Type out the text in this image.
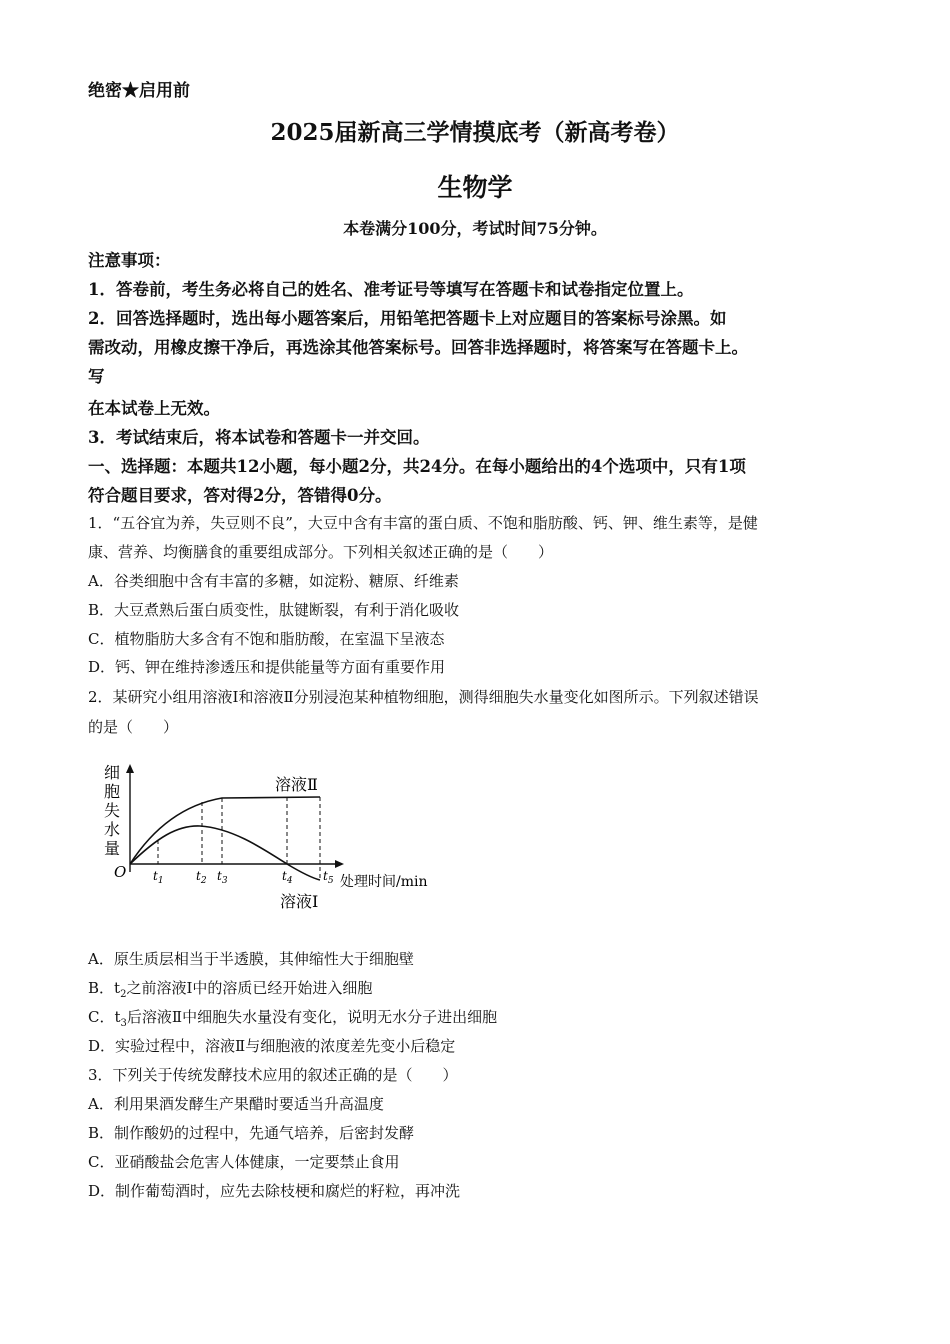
绝密★启用前
2025届新高三学情摸底考（新高考卷）
生物学
本卷满分100分，考试时间75分钟。
注意事项：
1．答卷前，考生务必将自己的姓名、准考证号等填写在答题卡和试卷指定位置上。
2．回答选择题时，选出每小题答案后，用铅笔把答题卡上对应题目的答案标号涂黑。如
需改动，用橡皮擦干净后，再选涂其他答案标号。回答非选择题时，将答案写在答题卡上。
写
在本试卷上无效。
3．考试结束后，将本试卷和答题卡一并交回。
一、选择题：本题共12小题，每小题2分，共24分。在每小题给出的4个选项中，只有1项
符合题目要求，答对得2分，答错得0分。
1．“五谷宜为养，失豆则不良”，大豆中含有丰富的蛋白质、不饱和脂肪酸、钙、钾、维生素等，是健
康、营养、均衡膳食的重要组成部分。下列相关叙述正确的是（　　）
A．谷类细胞中含有丰富的多糖，如淀粉、糖原、纤维素
B．大豆煮熟后蛋白质变性，肽键断裂，有利于消化吸收
C．植物脂肪大多含有不饱和脂肪酸，在室温下呈液态
D．钙、钾在维持渗透压和提供能量等方面有重要作用
2．某研究小组用溶液Ⅰ和溶液Ⅱ分别浸泡某种植物细胞，测得细胞失水量变化如图所示。下列叙述错误
的是（　　）
细胞失水量
O
处理时间/min
$t_1$	$t_2$ $t_3$	$t_4$	$t_5$
溶液Ⅱ
溶液Ⅰ
A．原生质层相当于半透膜，其伸缩性大于细胞壁
B．$t_2$之前溶液Ⅰ中的溶质已经开始进入细胞
C．$t_3$后溶液Ⅱ中细胞失水量没有变化，说明无水分子进出细胞
D．实验过程中，溶液Ⅱ与细胞液的浓度差先变小后稳定
3．下列关于传统发酵技术应用的叙述正确的是（　　）
A．利用果酒发酵生产果醋时要适当升高温度
B．制作酸奶的过程中，先通气培养，后密封发酵
C．亚硝酸盐会危害人体健康，一定要禁止食用
D．制作葡萄酒时，应先去除枝梗和腐烂的籽粒，再冲洗
